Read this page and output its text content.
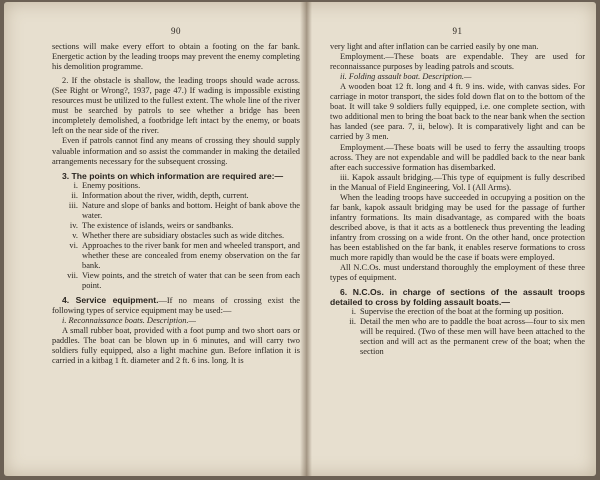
90

sections will make every effort to obtain a footing on the far bank. Energetic action by the leading troops may prevent the enemy completing his demolition programme.

2. If the obstacle is shallow, the leading troops should wade across. (See Right or Wrong?, 1937, page 47.) If wading is impossible existing resources must be utilized to the fullest extent. The whole line of the river must be searched by patrols to see whether a bridge has been incompletely demolished, a footbridge left intact by the enemy, or boats left on the near side of the river.

Even if patrols cannot find any means of crossing they should supply valuable information and so assist the commander in making the detailed arrangements necessary for the subsequent crossing.

3. The points on which information are required are:—

i. Enemy positions.
ii. Information about the river, width, depth, current.
iii. Nature and slope of banks and bottom. Height of bank above the water.
iv. The existence of islands, weirs or sandbanks.
v. Whether there are subsidiary obstacles such as wide ditches.
vi. Approaches to the river bank for men and wheeled transport, and whether these are concealed from enemy observation on the far bank.
vii. View points, and the stretch of water that can be seen from each point.

4. Service equipment.—If no means of crossing exist the following types of service equipment may be used:—

i. Reconnaissance boats. Description.—

A small rubber boat, provided with a foot pump and two short oars or paddles. The boat can be blown up in 6 minutes, and will carry two soldiers fully equipped, also a light machine gun. Before inflation it is carried in a kitbag 1 ft. diameter and 2 ft. 6 ins. long. It is

91

very light and after inflation can be carried easily by one man.

Employment.—These boats are expendable. They are used for reconnaissance purposes by leading patrols and scouts.

ii. Folding assault boat. Description.—

A wooden boat 12 ft. long and 4 ft. 9 ins. wide, with canvas sides. For carriage in motor transport, the sides fold down flat on to the bottom of the boat. It will take 9 soldiers fully equipped, i.e. one complete section, with two additional men to bring the boat back to the near bank when the section has landed (see para. 7, ii, below). It is comparatively light and can be carried by 3 men.

Employment.—These boats will be used to ferry the assaulting troops across. They are not expendable and will be paddled back to the near bank after each successive formation has disembarked.

iii. Kapok assault bridging.—This type of equipment is fully described in the Manual of Field Engineering, Vol. I (All Arms).

When the leading troops have succeeded in occupying a position on the far bank, kapok assault bridging may be used for the passage of further infantry formations. Its main disadvantage, as compared with the boats described above, is that it acts as a bottleneck thus preventing the leading infantry from crossing on a wide front. On the other hand, once protection has been established on the far bank, it enables reserve formations to cross much more rapidly than would be the case if boats were employed.

All N.C.Os. must understand thoroughly the employment of these three types of equipment.

6. N.C.Os. in charge of sections of the assault troops detailed to cross by folding assault boats.—

i. Supervise the erection of the boat at the forming up position.
ii. Detail the men who are to paddle the boat across—four to six men will be required. (Two of these men will have been attached to the section and will act as the permanent crew of the boat; when the section
